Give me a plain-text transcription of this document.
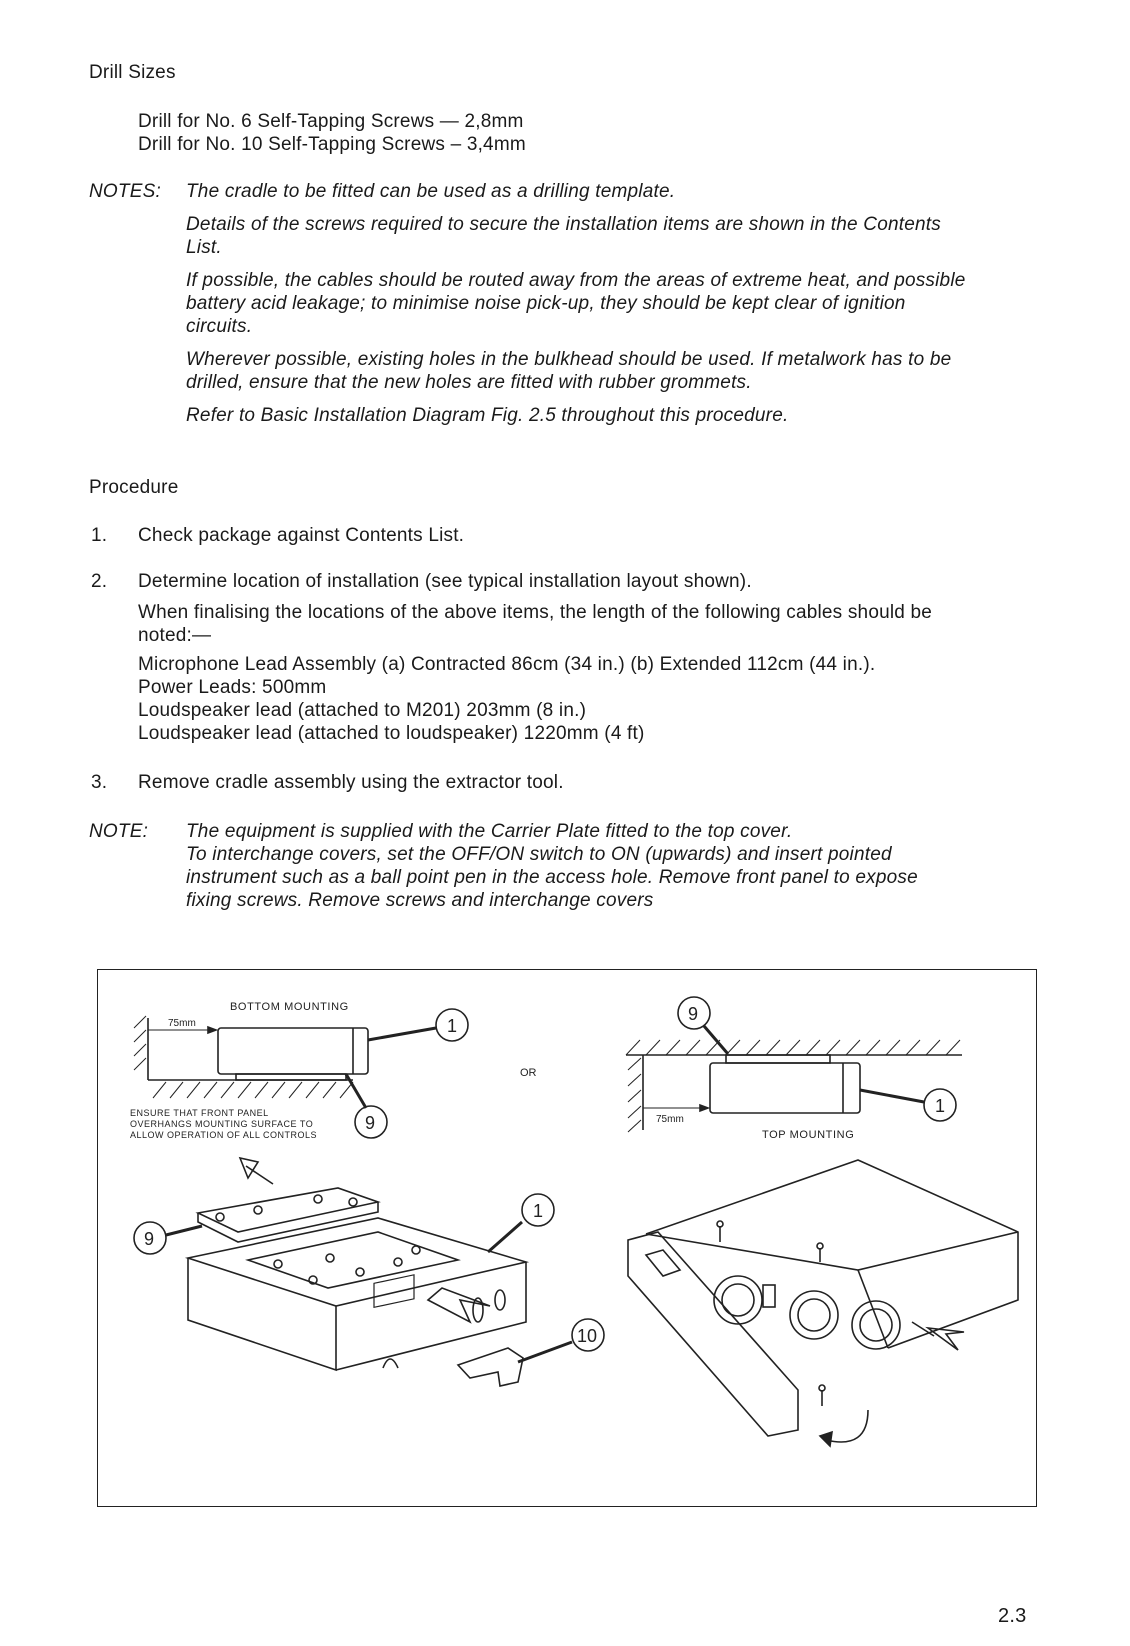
Drill Sizes
Drill for No. 6 Self-Tapping Screws — 2,8mm
Drill for No. 10 Self-Tapping Screws – 3,4mm
NOTES: The cradle to be fitted can be used as a drilling template.
Details of the screws required to secure the installation items are shown in the Contents
List.
If possible, the cables should be routed away from the areas of extreme heat, and possible
battery acid leakage; to minimise noise pick-up, they should be kept clear of ignition
circuits.
Wherever possible, existing holes in the bulkhead should be used. If metalwork has to be
drilled, ensure that the new holes are fitted with rubber grommets.
Refer to Basic Installation Diagram Fig. 2.5 throughout this procedure.
Procedure
1. Check package against Contents List.
2. Determine location of installation (see typical installation layout shown).
When finalising the locations of the above items, the length of the following cables should be
noted:—
Microphone Lead Assembly (a) Contracted 86cm (34 in.) (b) Extended 112cm (44 in.).
Power Leads: 500mm
Loudspeaker lead (attached to M201) 203mm (8 in.)
Loudspeaker lead (attached to loudspeaker) 1220mm (4 ft)
3. Remove cradle assembly using the extractor tool.
NOTE: The equipment is supplied with the Carrier Plate fitted to the top cover.
To interchange covers, set the OFF/ON switch to ON (upwards) and insert pointed
instrument such as a ball point pen in the access hole. Remove front panel to expose
fixing screws. Remove screws and interchange covers
BOTTOM MOUNTING
TOP MOUNTING
OR
75mm
75mm
ENSURE THAT FRONT PANEL
OVERHANGS MOUNTING SURFACE TO
ALLOW OPERATION OF ALL CONTROLS
1
9
9
1
9
1
10
2.3
